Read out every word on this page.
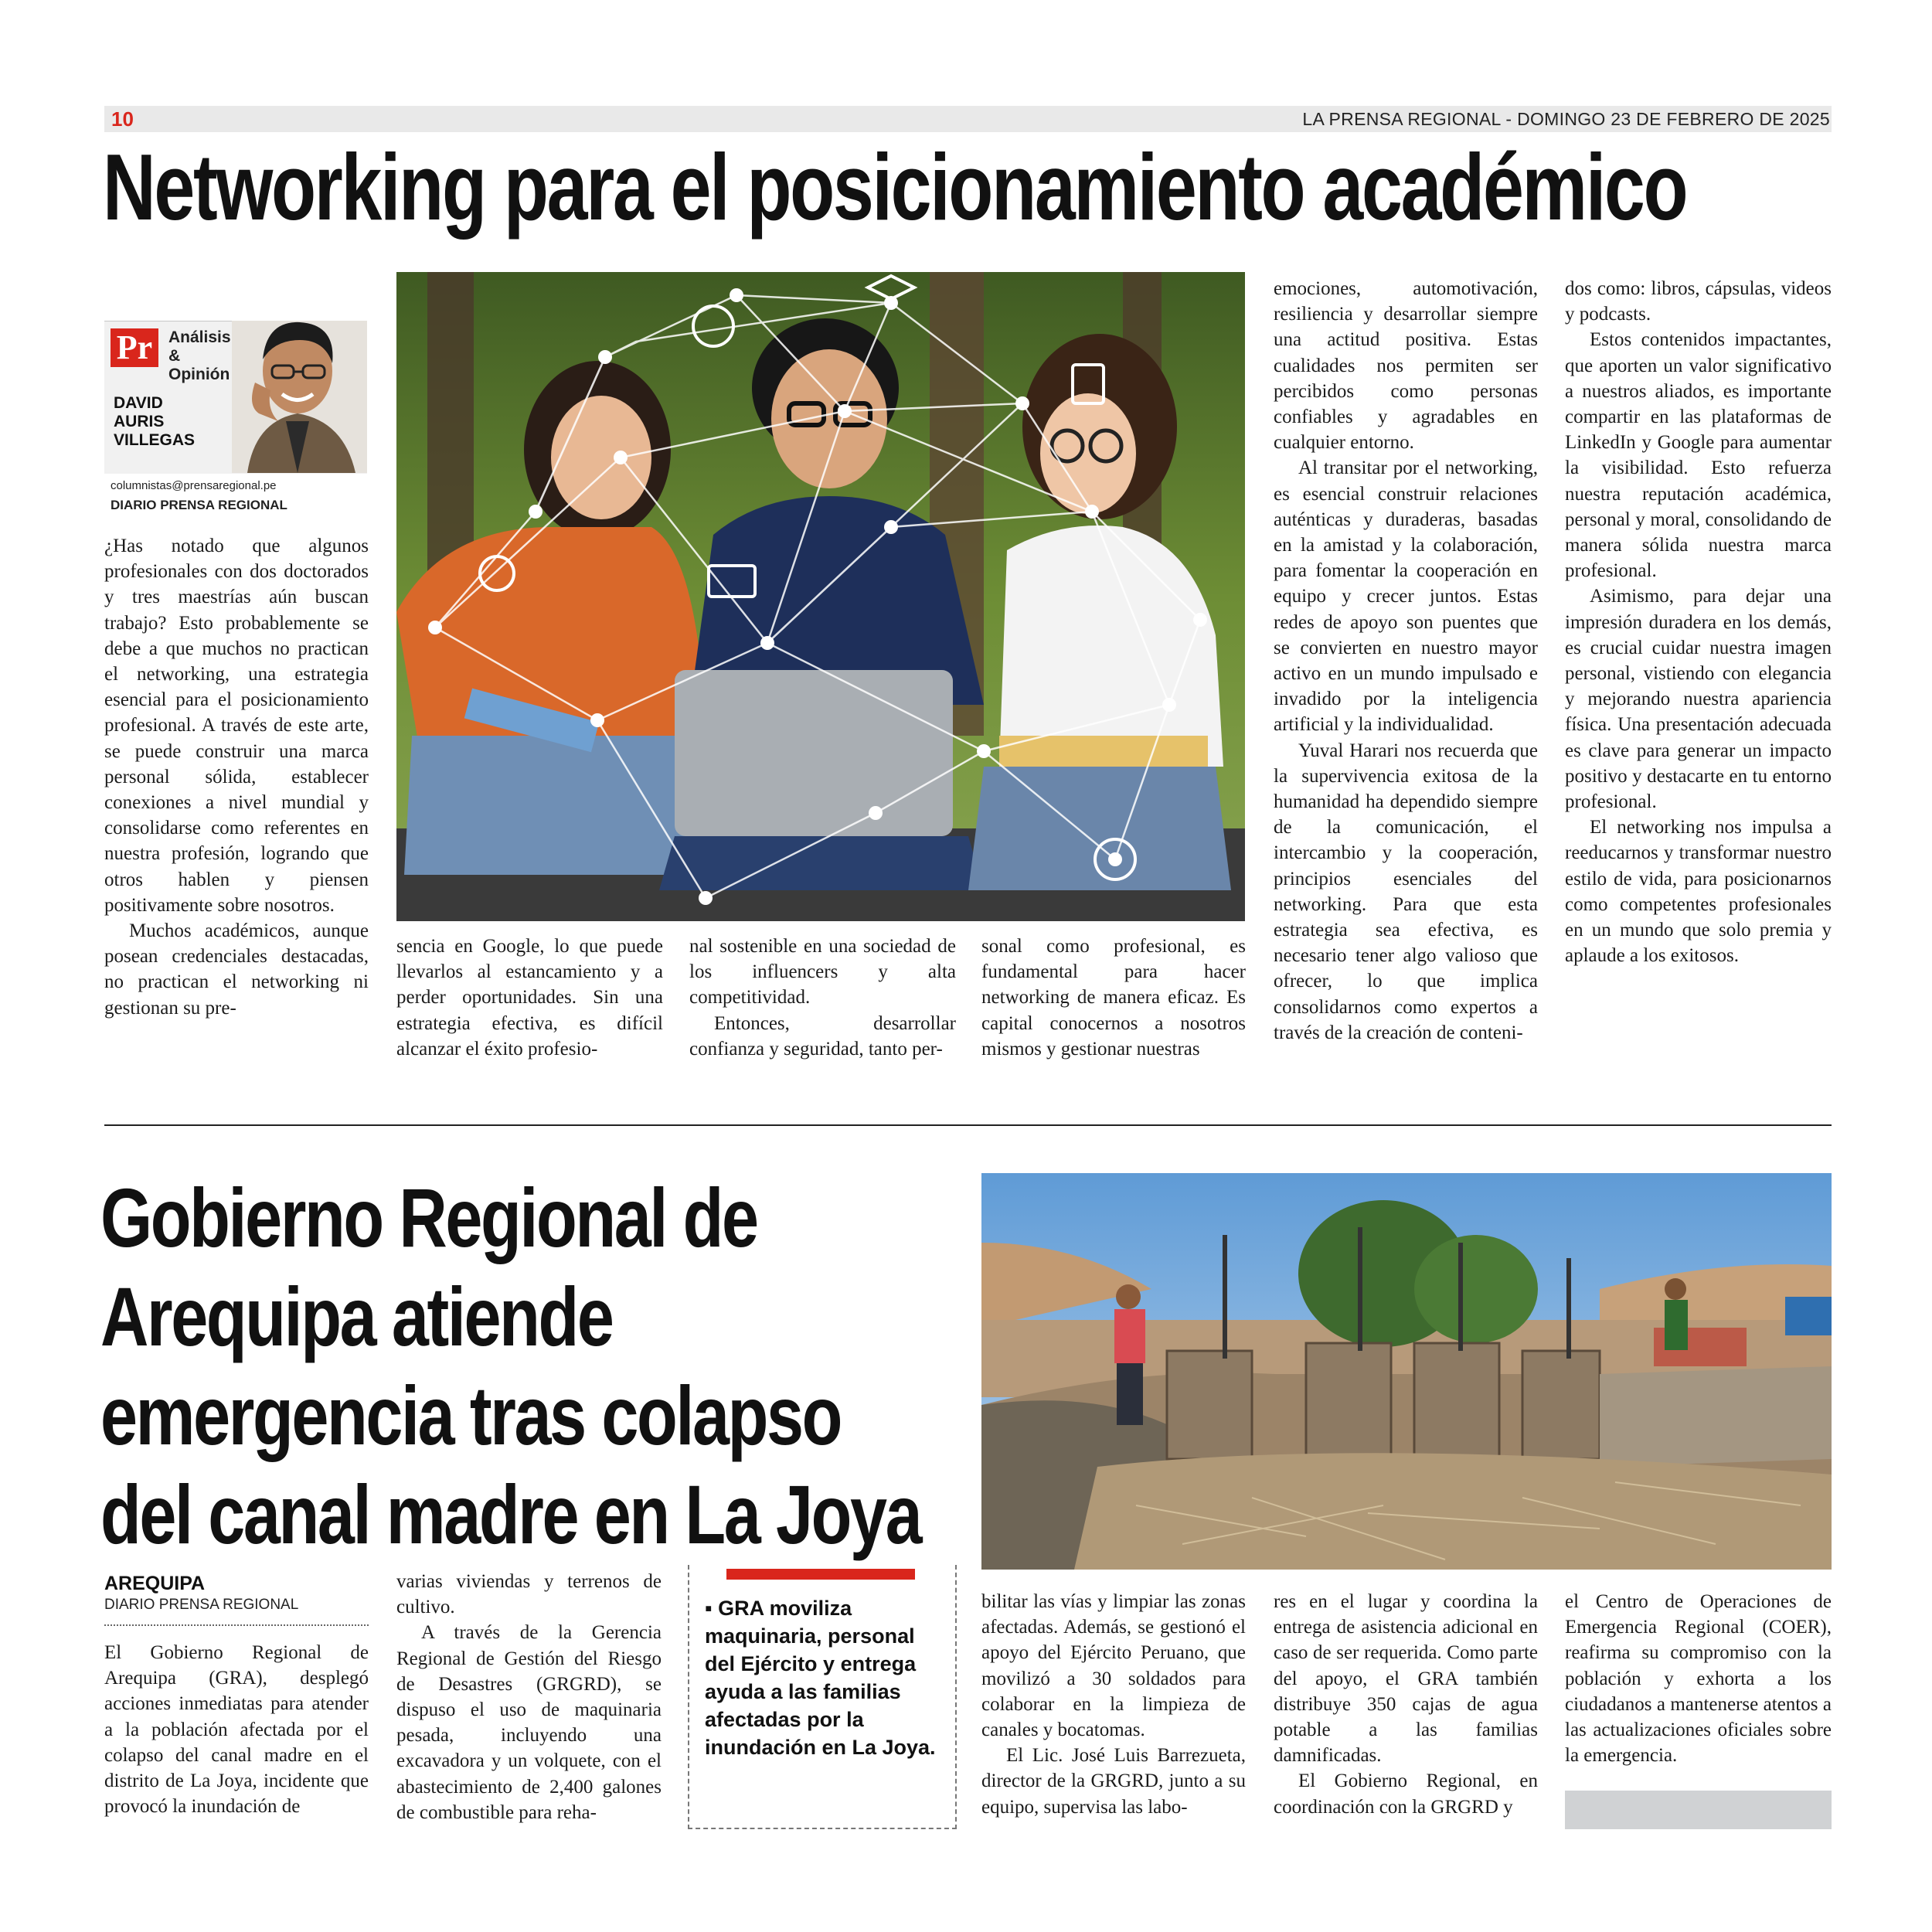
10	LA PRENSA REGIONAL - DOMINGO 23 DE FEBRERO DE 2025
Networking para el posicionamiento académico
Pr Análisis & Opinión
DAVID
AURIS
VILLEGAS
columnistas@prensaregional.pe
DIARIO PRENSA REGIONAL

¿Has notado que algunos profesionales con dos doctorados y tres maestrías aún buscan trabajo? Esto probablemente se debe a que muchos no practican el networking, una estrategia esencial para el posicionamiento profesional. A través de este arte, se puede construir una marca personal sólida, establecer conexiones a nivel mundial y consolidarse como referentes en nuestra profesión, logrando que otros hablen y piensen positivamente sobre nosotros.

Muchos académicos, aunque posean credenciales destacadas, no practican el networking ni gestionan su pre-

sencia en Google, lo que puede llevarlos al estancamiento y a perder oportunidades. Sin una estrategia efectiva, es difícil alcanzar el éxito profesio-

nal sostenible en una sociedad de los influencers y alta competitividad.

Entonces, desarrollar confianza y seguridad, tanto per-

sonal como profesional, es fundamental para hacer networking de manera eficaz. Es capital conocernos a nosotros mismos y gestionar nuestras

emociones, automotivación, resiliencia y desarrollar siempre una actitud positiva. Estas cualidades nos permiten ser percibidos como personas confiables y agradables en cualquier entorno.

Al transitar por el networking, es esencial construir relaciones auténticas y duraderas, basadas en la amistad y la colaboración, para fomentar la cooperación en equipo y crecer juntos. Estas redes de apoyo son puentes que se convierten en nuestro mayor activo en un mundo impulsado e invadido por la inteligencia artificial y la individualidad.

Yuval Harari nos recuerda que la supervivencia exitosa de la humanidad ha dependido siempre de la comunicación, el intercambio y la cooperación, principios esenciales del networking. Para que esta estrategia sea efectiva, es necesario tener algo valioso que ofrecer, lo que implica consolidarnos como expertos a través de la creación de conteni-

dos como: libros, cápsulas, videos y podcasts.

Estos contenidos impactantes, que aporten un valor significativo a nuestros aliados, es importante compartir en las plataformas de LinkedIn y Google para aumentar la visibilidad. Esto refuerza nuestra reputación académica, personal y moral, consolidando de manera sólida nuestra marca profesional.

Asimismo, para dejar una impresión duradera en los demás, es crucial cuidar nuestra imagen personal, vistiendo con elegancia y mejorando nuestra apariencia física. Una presentación adecuada es clave para generar un impacto positivo y destacarte en tu entorno profesional.

El networking nos impulsa a reeducarnos y transformar nuestro estilo de vida, para posicionarnos como competentes profesionales en un mundo que solo premia y aplaude a los exitosos.

Gobierno Regional de
Arequipa atiende
emergencia tras colapso
del canal madre en La Joya
AREQUIPA
DIARIO PRENSA REGIONAL

El Gobierno Regional de Arequipa (GRA), desplegó acciones inmediatas para atender a la población afectada por el colapso del canal madre en el distrito de La Joya, incidente que provocó la inundación de

varias viviendas y terrenos de cultivo.

A través de la Gerencia Regional de Gestión del Riesgo de Desastres (GRGRD), se dispuso el uso de maquinaria pesada, incluyendo una excavadora y un volquete, con el abastecimiento de 2,400 galones de combustible para reha-

▪ GRA moviliza maquinaria, personal del Ejército y entrega ayuda a las familias afectadas por la inundación en La Joya.

bilitar las vías y limpiar las zonas afectadas. Además, se gestionó el apoyo del Ejército Peruano, que movilizó a 30 soldados para colaborar en la limpieza de canales y bocatomas.

El Lic. José Luis Barrezueta, director de la GRGRD, junto a su equipo, supervisa las labo-

res en el lugar y coordina la entrega de asistencia adicional en caso de ser requerida. Como parte del apoyo, el GRA también distribuye 350 cajas de agua potable a las familias damnificadas.

El Gobierno Regional, en coordinación con la GRGRD y

el Centro de Operaciones de Emergencia Regional (COER), reafirma su compromiso con la población y exhorta a los ciudadanos a mantenerse atentos a las actualizaciones oficiales sobre la emergencia.
